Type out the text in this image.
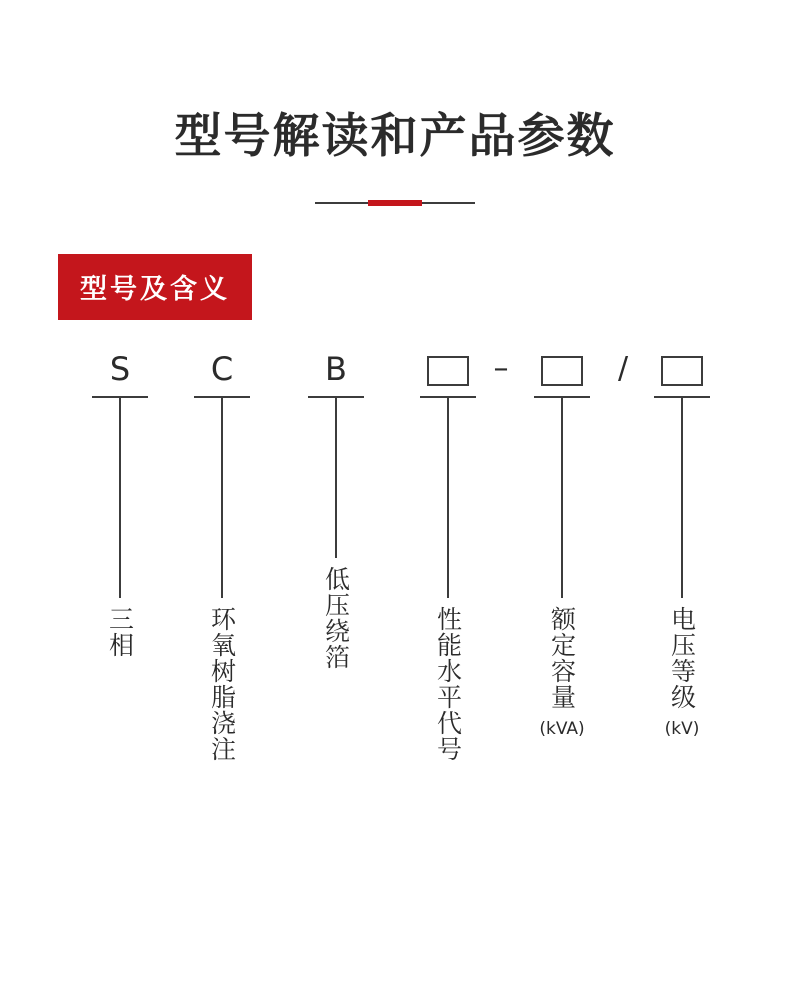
型号解读和产品参数
型号及含义
S
三相
C
环氧树脂浇注
B
低压绕箔	性能水平代号	额定容量
(kVA)
电压等级
(kV)
–	/
